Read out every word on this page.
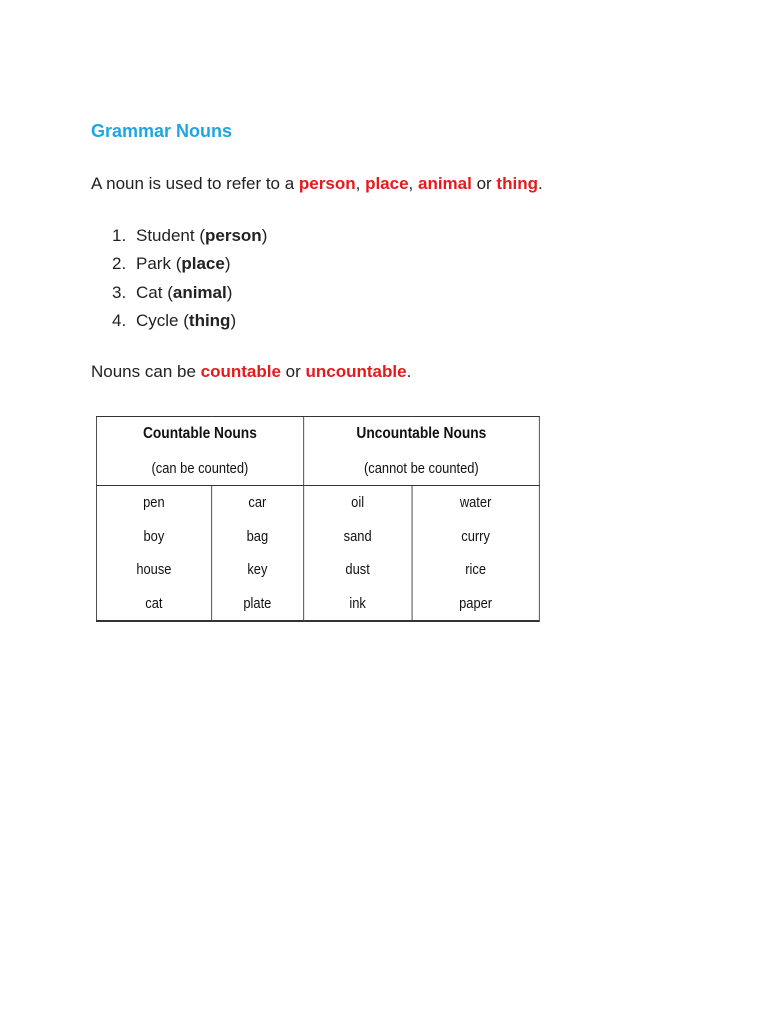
Grammar Nouns

A noun is used to refer to a person, place, animal or thing.

1. Student (person)
2. Park (place)
3. Cat (animal)
4. Cycle (thing)

Nouns can be countable or uncountable.

Countable Nouns		Uncountable Nouns	
(can be counted)		(cannot be counted)	
pen	car	oil	water
boy	bag	sand	curry
house	key	dust	rice
cat	plate	ink	paper
